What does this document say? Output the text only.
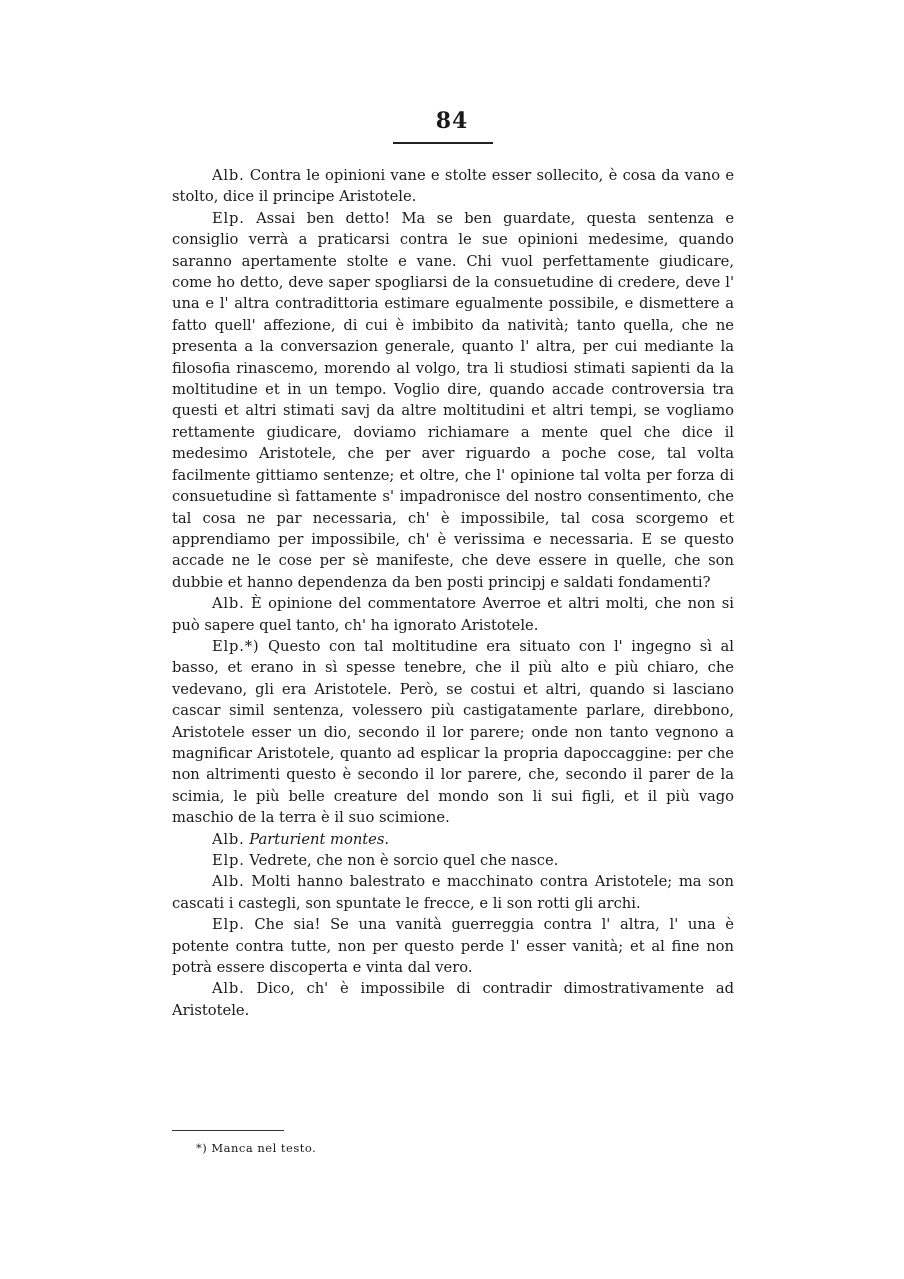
84

Alb. Contra le opinioni vane e stolte esser sollecito, è cosa da vano e stolto, dice il principe Aristotele.

Elp. Assai ben detto! Ma se ben guardate, questa sentenza e consiglio verrà a praticarsi contra le sue opinioni medesime, quando saranno apertamente stolte e vane. Chi vuol perfettamente giudicare, come ho detto, deve saper spogliarsi de la consuetudine di credere, deve l' una e l' altra contradittoria estimare egualmente possibile, e dismettere a fatto quell' affezione, di cui è imbibito da natività; tanto quella, che ne presenta a la conversazion generale, quanto l' altra, per cui mediante la filosofia rinascemo, morendo al volgo, tra li studiosi stimati sapienti da la moltitudine et in un tempo. Voglio dire, quando accade controversia tra questi et altri stimati savj da altre moltitudini et altri tempi, se vogliamo rettamente giudicare, doviamo richiamare a mente quel che dice il medesimo Aristotele, che per aver riguardo a poche cose, tal volta facilmente gittiamo sentenze; et oltre, che l' opinione tal volta per forza di consuetudine sì fattamente s' impadronisce del nostro consentimento, che tal cosa ne par necessaria, ch' è impossibile, tal cosa scorgemo et apprendiamo per impossibile, ch' è verissima e necessaria. E se questo accade ne le cose per sè manifeste, che deve essere in quelle, che son dubbie et hanno dependenza da ben posti principj e saldati fondamenti?

Alb. È opinione del commentatore Averroe et altri molti, che non si può sapere quel tanto, ch' ha ignorato Aristotele.

Elp.*) Questo con tal moltitudine era situato con l' ingegno sì al basso, et erano in sì spesse tenebre, che il più alto e più chiaro, che vedevano, gli era Aristotele. Però, se costui et altri, quando si lasciano cascar simil sentenza, volessero più castigatamente parlare, direbbono, Aristotele esser un dio, secondo il lor parere; onde non tanto vegnono a magnificar Aristotele, quanto ad esplicar la propria dapoccaggine: per che non altrimenti questo è secondo il lor parere, che, secondo il parer de la scimia, le più belle creature del mondo son li sui figli, et il più vago maschio de la terra è il suo scimione.

Alb. Parturient montes.

Elp. Vedrete, che non è sorcio quel che nasce.

Alb. Molti hanno balestrato e macchinato contra Aristotele; ma son cascati i castegli, son spuntate le frecce, e li son rotti gli archi.

Elp. Che sia! Se una vanità guerreggia contra l' altra, l' una è potente contra tutte, non per questo perde l' esser vanità; et al fine non potrà essere discoperta e vinta dal vero.

Alb. Dico, ch' è impossibile di contradir dimostrativamente ad Aristotele.

*) Manca nel testo.
